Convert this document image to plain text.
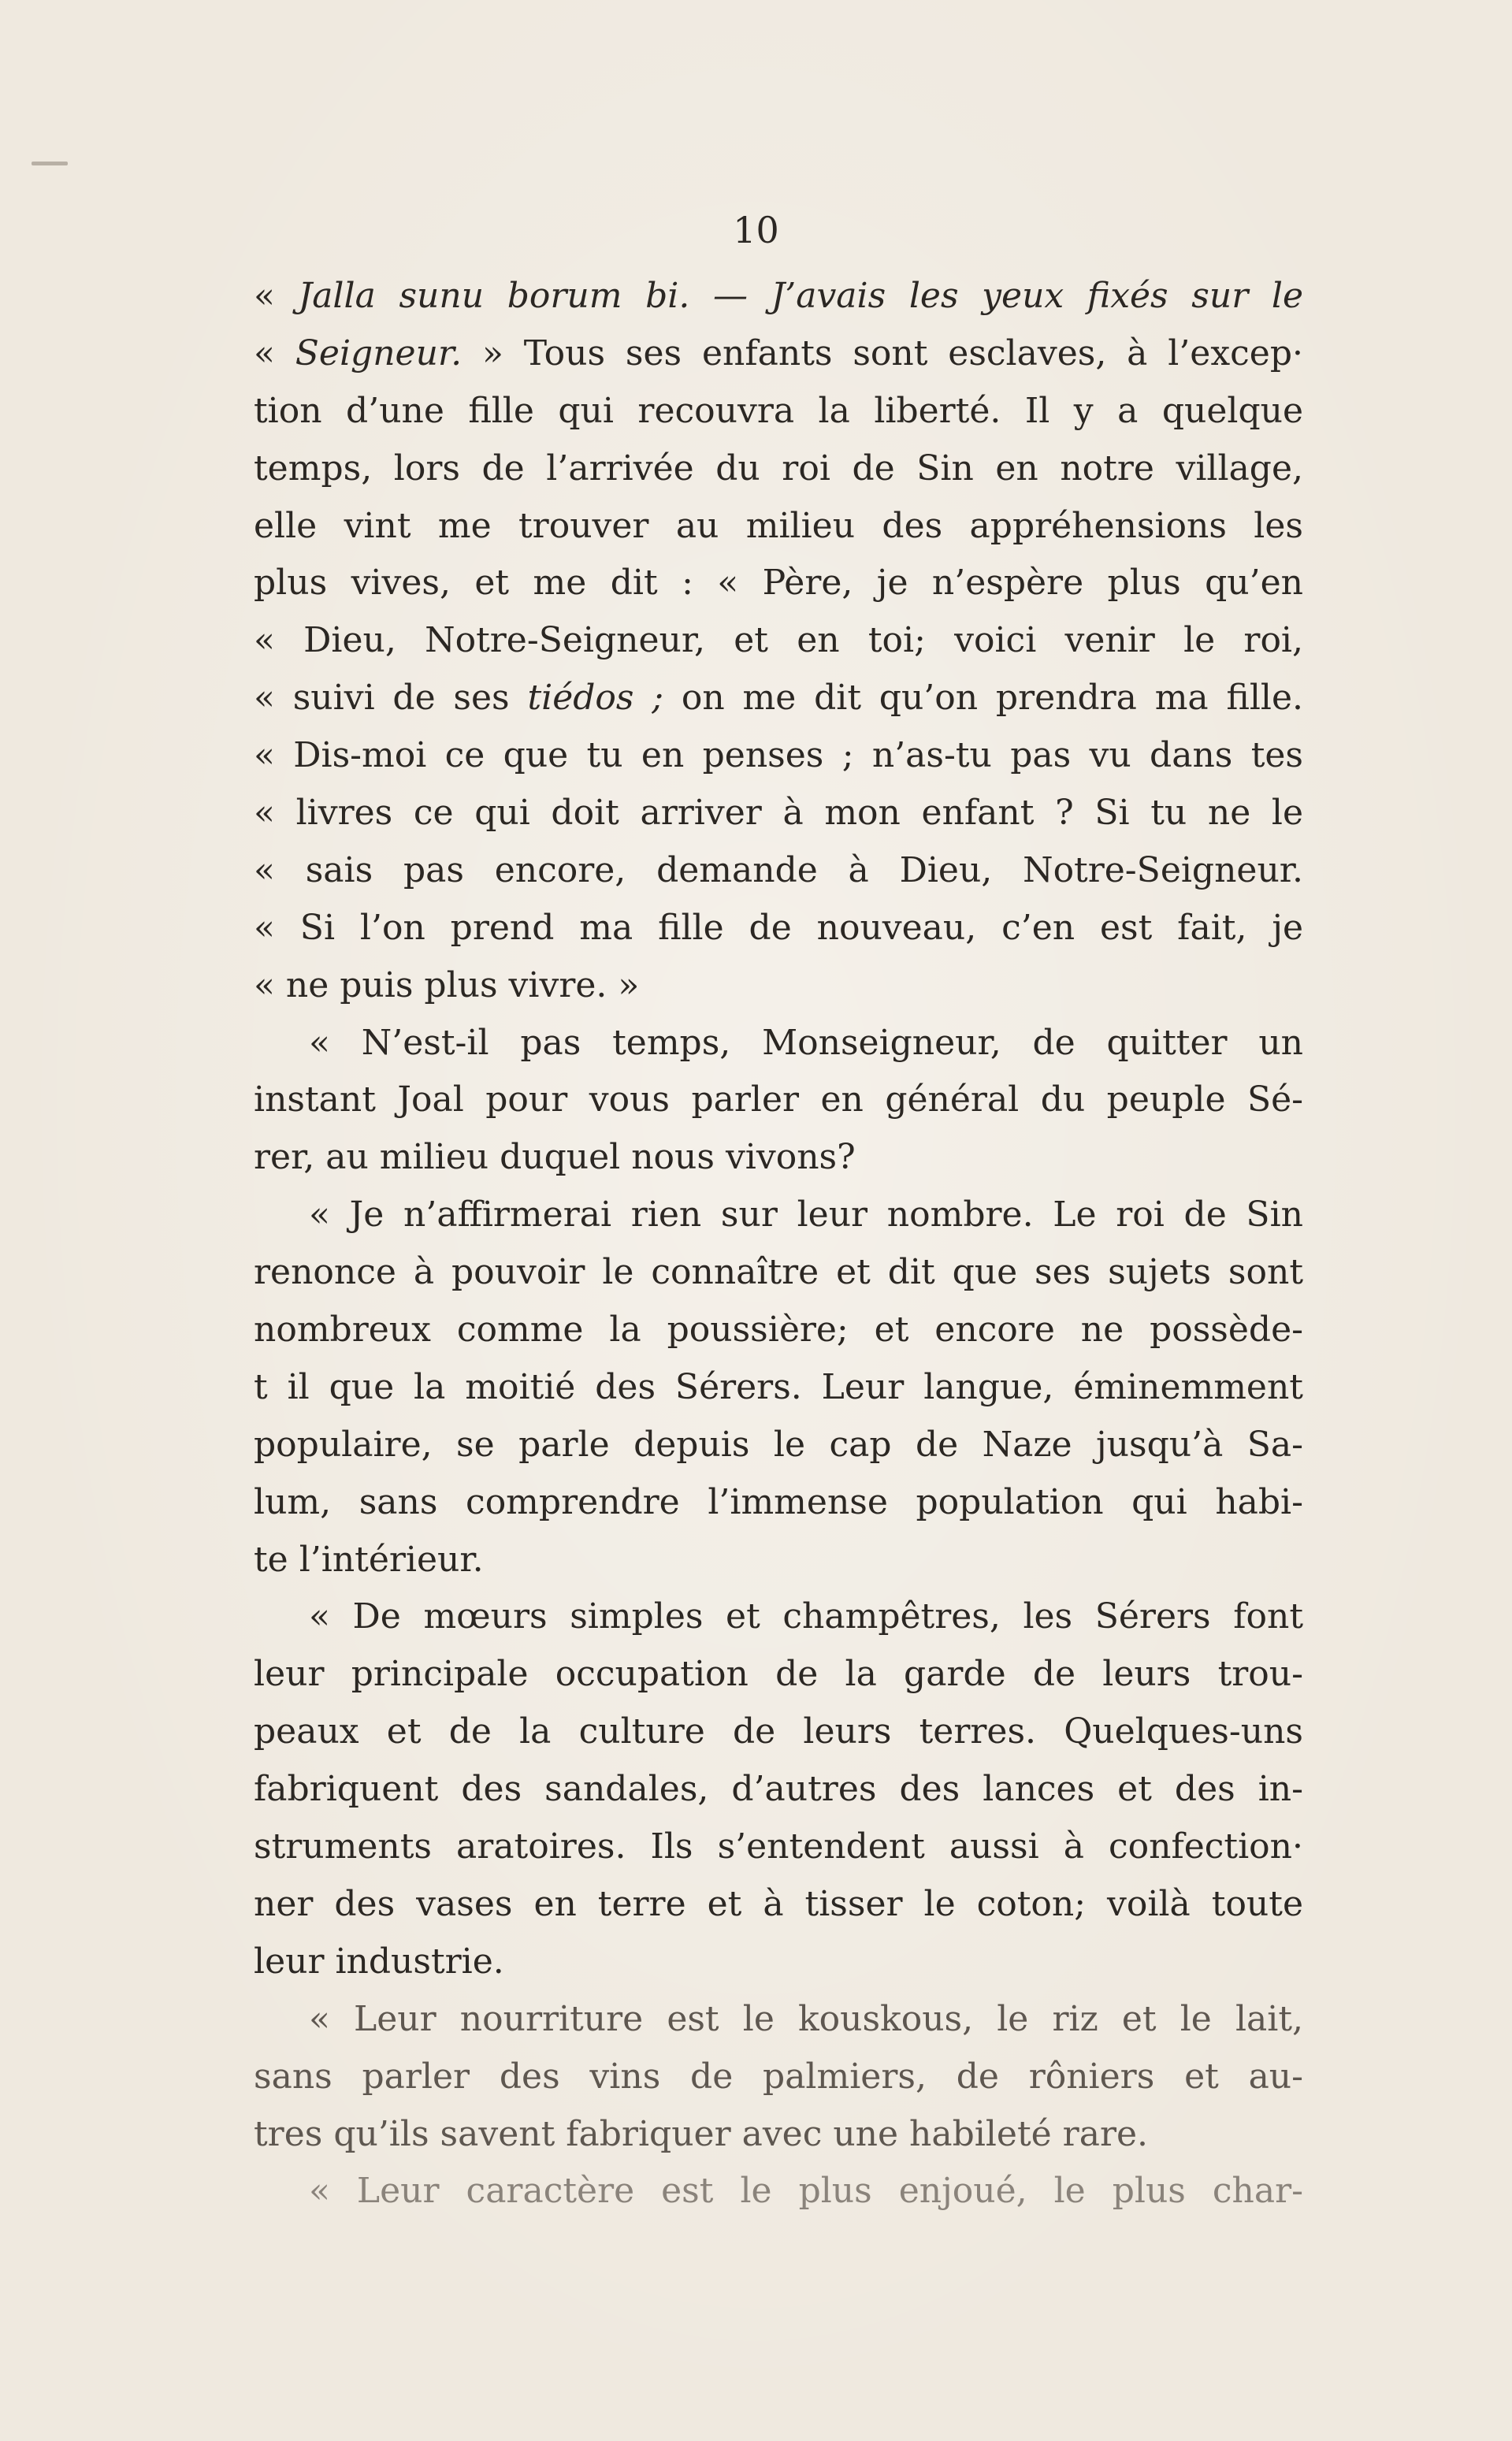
10
« Jalla sunu borum bi. — J’avais les yeux fixés sur le
« Seigneur. » Tous ses enfants sont esclaves, à l’excep·
tion d’une fille qui recouvra la liberté. Il y a quelque
temps, lors de l’arrivée du roi de Sin en notre village,
elle vint me trouver au milieu des appréhensions les
plus vives, et me dit : « Père, je n’espère plus qu’en
« Dieu, Notre-Seigneur, et en toi; voici venir le roi,
« suivi de ses tiédos ; on me dit qu’on prendra ma fille.
« Dis-moi ce que tu en penses ; n’as-tu pas vu dans tes
« livres ce qui doit arriver à mon enfant ? Si tu ne le
« sais pas encore, demande à Dieu, Notre-Seigneur.
« Si l’on prend ma fille de nouveau, c’en est fait, je
« ne puis plus vivre. »
« N’est-il pas temps, Monseigneur, de quitter un
instant Joal pour vous parler en général du peuple Sé-
rer, au milieu duquel nous vivons?
« Je n’affirmerai rien sur leur nombre. Le roi de Sin
renonce à pouvoir le connaître et dit que ses sujets sont
nombreux comme la poussière; et encore ne possède-
t il que la moitié des Sérers. Leur langue, éminemment
populaire, se parle depuis le cap de Naze jusqu’à Sa-
lum, sans comprendre l’immense population qui habi-
te l’intérieur.
« De mœurs simples et champêtres, les Sérers font
leur principale occupation de la garde de leurs trou-
peaux et de la culture de leurs terres. Quelques-uns
fabriquent des sandales, d’autres des lances et des in-
struments aratoires. Ils s’entendent aussi à confection·
ner des vases en terre et à tisser le coton; voilà toute
leur industrie.
« Leur nourriture est le kouskous, le riz et le lait,
sans parler des vins de palmiers, de rôniers et au-
tres qu’ils savent fabriquer avec une habileté rare.
« Leur caractère est le plus enjoué, le plus char-
